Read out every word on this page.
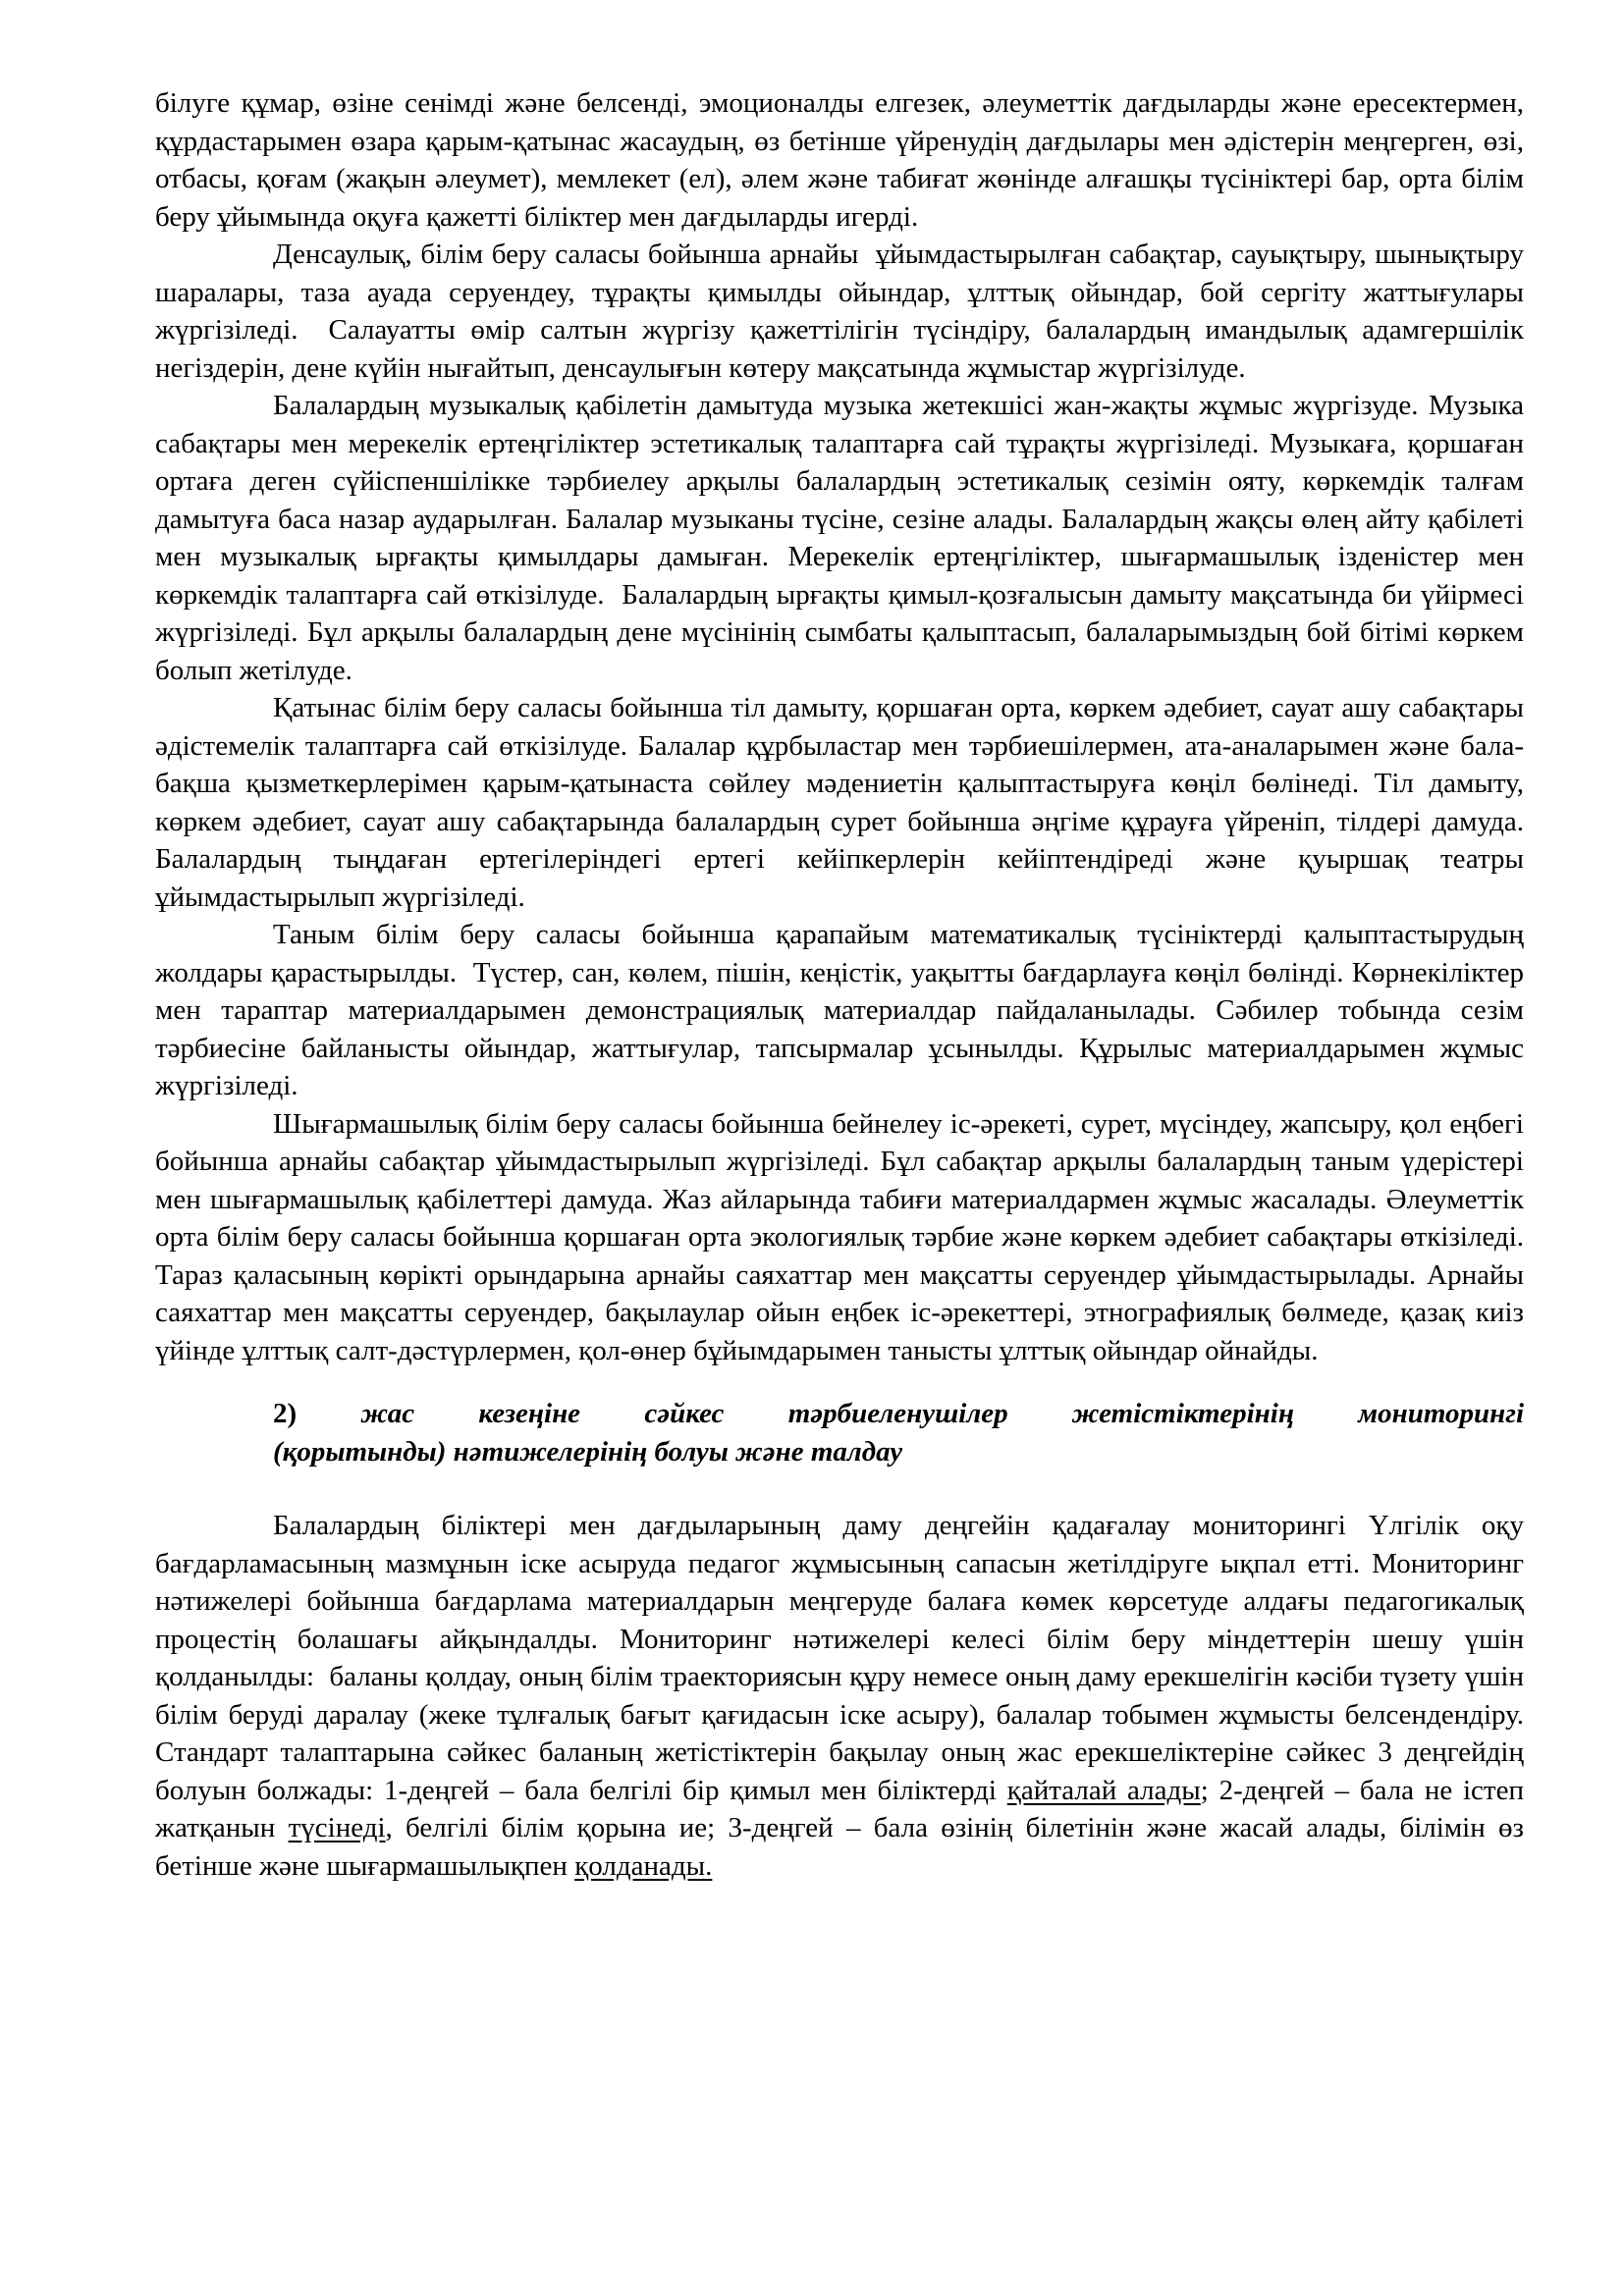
білуге құмар, өзіне сенімді және белсенді, эмоционалды елгезек, әлеуметтік дағдыларды және ересектермен, құрдастарымен өзара қарым-қатынас жасаудың, өз бетінше үйренудің дағдылары мен әдістерін меңгерген, өзі, отбасы, қоғам (жақын әлеумет), мемлекет (ел), әлем және табиғат жөнінде алғашқы түсініктері бар, орта білім беру ұйымында оқуға қажетті біліктер мен дағдыларды игерді.

Денсаулық, білім беру саласы бойынша арнайы  ұйымдастырылған сабақтар, сауықтыру, шынықтыру шаралары, таза ауада серуендеу, тұрақты қимылды ойындар, ұлттық ойындар, бой сергіту жаттығулары жүргізіледі.  Салауатты өмір салтын жүргізу қажеттілігін түсіндіру, балалардың имандылық адамгершілік негіздерін, дене күйін нығайтып, денсаулығын көтеру мақсатында жұмыстар жүргізілуде.

Балалардың музыкалық қабілетін дамытуда музыка жетекшісі жан-жақты жұмыс жүргізуде. Музыка сабақтары мен мерекелік ертеңгіліктер эстетикалық талаптарға сай тұрақты жүргізіледі. Музыкаға, қоршаған ортаға деген сүйіспеншілікке тәрбиелеу арқылы балалардың эстетикалық сезімін ояту, көркемдік талғам дамытуға баса назар аударылған. Балалар музыканы түсіне, сезіне алады. Балалардың жақсы өлең айту қабілеті мен музыкалық ырғақты қимылдары дамыған. Мерекелік ертеңгіліктер, шығармашылық ізденістер мен көркемдік талаптарға сай өткізілуде.  Балалардың ырғақты қимыл-қозғалысын дамыту мақсатында би үйірмесі жүргізіледі. Бұл арқылы балалардың дене мүсінінің сымбаты қалыптасып, балаларымыздың бой бітімі көркем болып жетілуде.

Қатынас білім беру саласы бойынша тіл дамыту, қоршаған орта, көркем әдебиет, сауат ашу сабақтары әдістемелік талаптарға сай өткізілуде. Балалар құрбыластар мен тәрбиешілермен, ата-аналарымен және бала-бақша қызметкерлерімен қарым-қатынаста сөйлеу мәдениетін қалыптастыруға көңіл бөлінеді. Тіл дамыту, көркем әдебиет, сауат ашу сабақтарында балалардың сурет бойынша әңгіме құрауға үйреніп, тілдері дамуда. Балалардың тыңдаған ертегілеріндегі ертегі кейіпкерлерін кейіптендіреді және қуыршақ театры ұйымдастырылып жүргізіледі.

Таным білім беру саласы бойынша қарапайым математикалық түсініктерді қалыптастырудың жолдары қарастырылды.  Түстер, сан, көлем, пішін, кеңістік, уақытты бағдарлауға көңіл бөлінді. Көрнекіліктер мен тараптар материалдарымен демонстрациялық материалдар пайдаланылады. Сәбилер тобында сезім тәрбиесіне байланысты ойындар, жаттығулар, тапсырмалар ұсынылды. Құрылыс материалдарымен жұмыс жүргізіледі.

Шығармашылық білім беру саласы бойынша бейнелеу іс-әрекеті, сурет, мүсіндеу, жапсыру, қол еңбегі бойынша арнайы сабақтар ұйымдастырылып жүргізіледі. Бұл сабақтар арқылы балалардың таным үдерістері мен шығармашылық қабілеттері дамуда. Жаз айларында табиғи материалдармен жұмыс жасалады. Әлеуметтік орта білім беру саласы бойынша қоршаған орта экологиялық тәрбие және көркем әдебиет сабақтары өткізіледі. Тараз қаласының көрікті орындарына арнайы саяхаттар мен мақсатты серуендер ұйымдастырылады. Арнайы саяхаттар мен мақсатты серуендер, бақылаулар ойын еңбек іс-әрекеттері, этнографиялық бөлмеде, қазақ киіз үйінде ұлттық салт-дәстүрлермен, қол-өнер бұйымдарымен танысты ұлттық ойындар ойнайды.

2) жас кезеңіне сәйкес тәрбиеленушілер жетістіктерінің мониторингі
(қорытынды) нәтижелерінің болуы және талдау

Балалардың біліктері мен дағдыларының даму деңгейін қадағалау мониторингі Үлгілік оқу бағдарламасының мазмұнын іске асыруда педагог жұмысының сапасын жетілдіруге ықпал етті. Мониторинг нәтижелері бойынша бағдарлама материалдарын меңгеруде балаға көмек көрсетуде алдағы педагогикалық процестің болашағы айқындалды. Мониторинг нәтижелері келесі білім беру міндеттерін шешу үшін қолданылды:  баланы қолдау, оның білім траекториясын құру немесе оның даму ерекшелігін кәсіби түзету үшін білім беруді даралау (жеке тұлғалық бағыт қағидасын іске асыру), балалар тобымен жұмысты белсендендіру. Стандарт талаптарына сәйкес баланың жетістіктерін бақылау оның жас ерекшеліктеріне сәйкес 3 деңгейдің болуын болжады: 1-деңгей – бала белгілі бір қимыл мен біліктерді қайталай алады; 2-деңгей – бала не істеп жатқанын түсінеді, белгілі білім қорына ие; 3-деңгей – бала өзінің білетінін және жасай алады, білімін өз бетінше және шығармашылықпен қолданады.
